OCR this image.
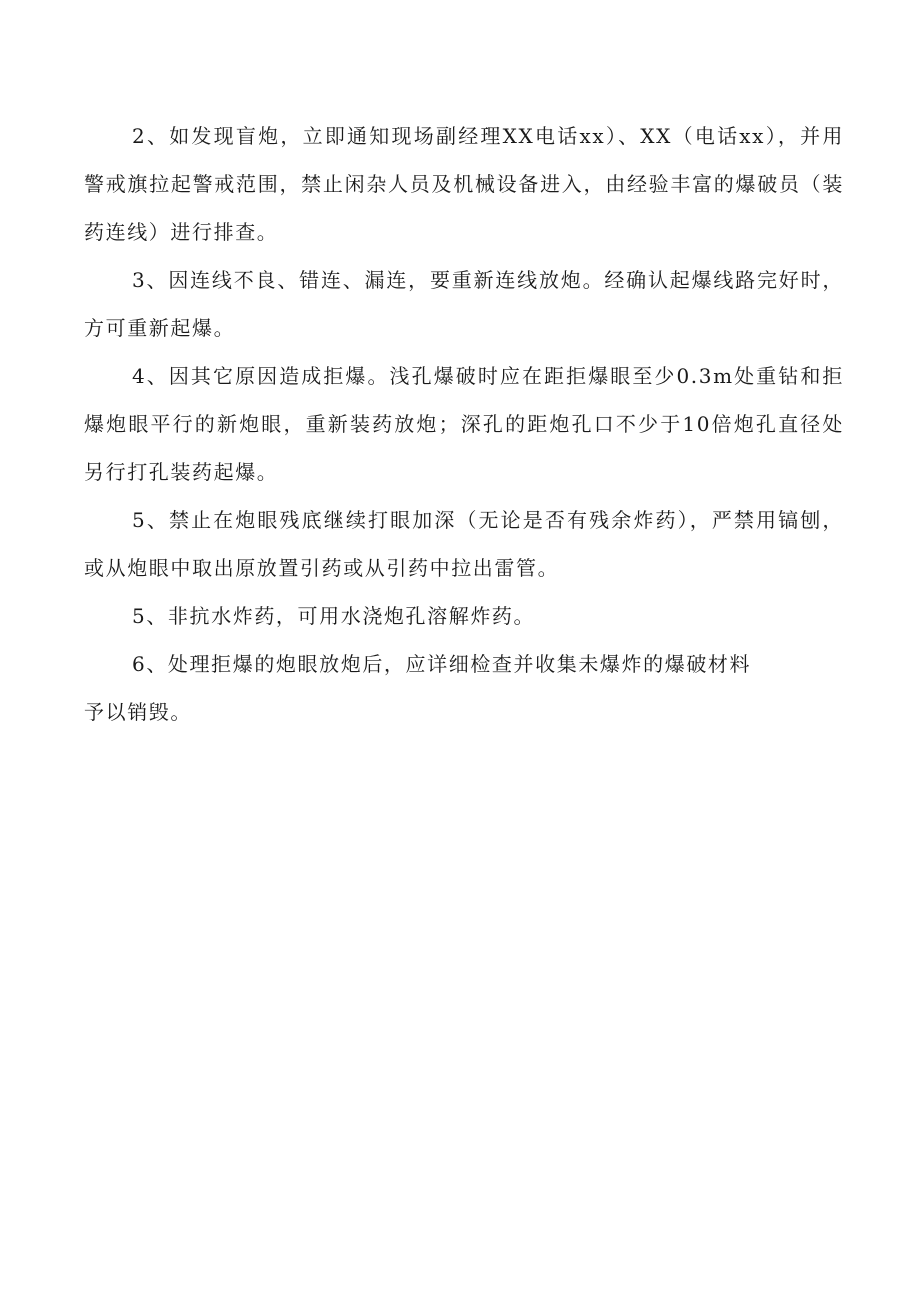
2、如发现盲炮，立即通知现场副经理XX电话xx）、XX（电话xx），并用警戒旗拉起警戒范围，禁止闲杂人员及机械设备进入，由经验丰富的爆破员（装药连线）进行排查。

3、因连线不良、错连、漏连，要重新连线放炮。经确认起爆线路完好时，方可重新起爆。

4、因其它原因造成拒爆。浅孔爆破时应在距拒爆眼至少0.3m处重钻和拒爆炮眼平行的新炮眼，重新装药放炮；深孔的距炮孔口不少于10倍炮孔直径处另行打孔装药起爆。

5、禁止在炮眼残底继续打眼加深（无论是否有残余炸药），严禁用镐刨，或从炮眼中取出原放置引药或从引药中拉出雷管。

5、非抗水炸药，可用水浇炮孔溶解炸药。

6、处理拒爆的炮眼放炮后，应详细检查并收集未爆炸的爆破材料

予以销毁。
